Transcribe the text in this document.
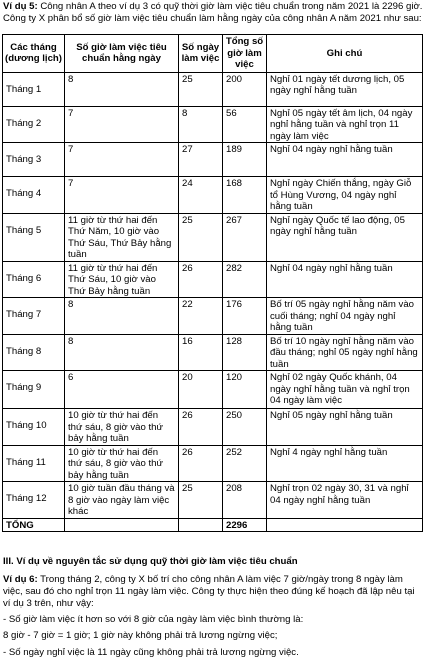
Ví dụ 5: Công nhân A theo ví dụ 3 có quỹ thời giờ làm việc tiêu chuẩn trong năm 2021 là 2296 giờ. Công ty X phân bổ số giờ làm việc tiêu chuẩn làm hằng ngày của công nhân A năm 2021 như sau:

Các tháng (dương lịch)	Số giờ làm việc tiêu chuẩn hằng ngày	Số ngày làm việc	Tổng số giờ làm việc	Ghi chú
Tháng 1	8	25	200	Nghỉ 01 ngày tết dương lịch, 05 ngày nghỉ hằng tuần
Tháng 2	7	8	56	Nghỉ 05 ngày tết âm lịch, 04 ngày nghỉ hằng tuần và nghỉ trọn 11 ngày làm việc
Tháng 3	7	27	189	Nghỉ 04 ngày nghỉ hằng tuần
Tháng 4	7	24	168	Nghỉ ngày Chiến thắng, ngày Giỗ tổ Hùng Vương, 04 ngày nghỉ hằng tuần
Tháng 5	11 giờ từ thứ hai đến Thứ Năm, 10 giờ vào Thứ Sáu, Thứ Bảy hằng tuần	25	267	Nghỉ ngày Quốc tế lao động, 05 ngày nghỉ hằng tuần
Tháng 6	11 giờ từ thứ hai đến Thứ Sáu, 10 giờ vào Thứ Bảy hằng tuần	26	282	Nghỉ 04 ngày nghỉ hằng tuần
Tháng 7	8	22	176	Bố trí 05 ngày nghỉ hằng năm vào cuối tháng; nghỉ 04 ngày nghỉ hằng tuần
Tháng 8	8	16	128	Bố trí 10 ngày nghỉ hằng năm vào đầu tháng; nghỉ 05 ngày nghỉ hằng tuần
Tháng 9	6	20	120	Nghỉ 02 ngày Quốc khánh, 04 ngày nghỉ hằng tuần và nghỉ trọn 04 ngày làm việc
Tháng 10	10 giờ từ thứ hai đến thứ sáu, 8 giờ vào thứ bảy hằng tuần	26	250	Nghỉ 05 ngày nghỉ hằng tuần
Tháng 11	10 giờ từ thứ hai đến thứ sáu, 8 giờ vào thứ bảy hằng tuần	26	252	Nghỉ 4 ngày nghỉ hằng tuần
Tháng 12	10 giờ tuần đầu tháng và 8 giờ vào ngày làm việc khác	25	208	Nghỉ trọn 02 ngày 30, 31 và nghỉ 04 ngày nghỉ hằng tuần
TỔNG			2296	

III. Ví dụ về nguyên tắc sử dụng quỹ thời giờ làm việc tiêu chuẩn

Ví dụ 6: Trong tháng 2, công ty X bố trí cho công nhân A làm việc 7 giờ/ngày trong 8 ngày làm việc, sau đó cho nghỉ trọn 11 ngày làm việc. Công ty thực hiện theo đúng kế hoạch đã lập nêu tại ví dụ 3 trên, như vậy:

- Số giờ làm việc ít hơn so với 8 giờ của ngày làm việc bình thường là:

8 giờ - 7 giờ = 1 giờ; 1 giờ này không phải trả lương ngừng việc;

- Số ngày nghỉ việc là 11 ngày cũng không phải trả lương ngừng việc.
